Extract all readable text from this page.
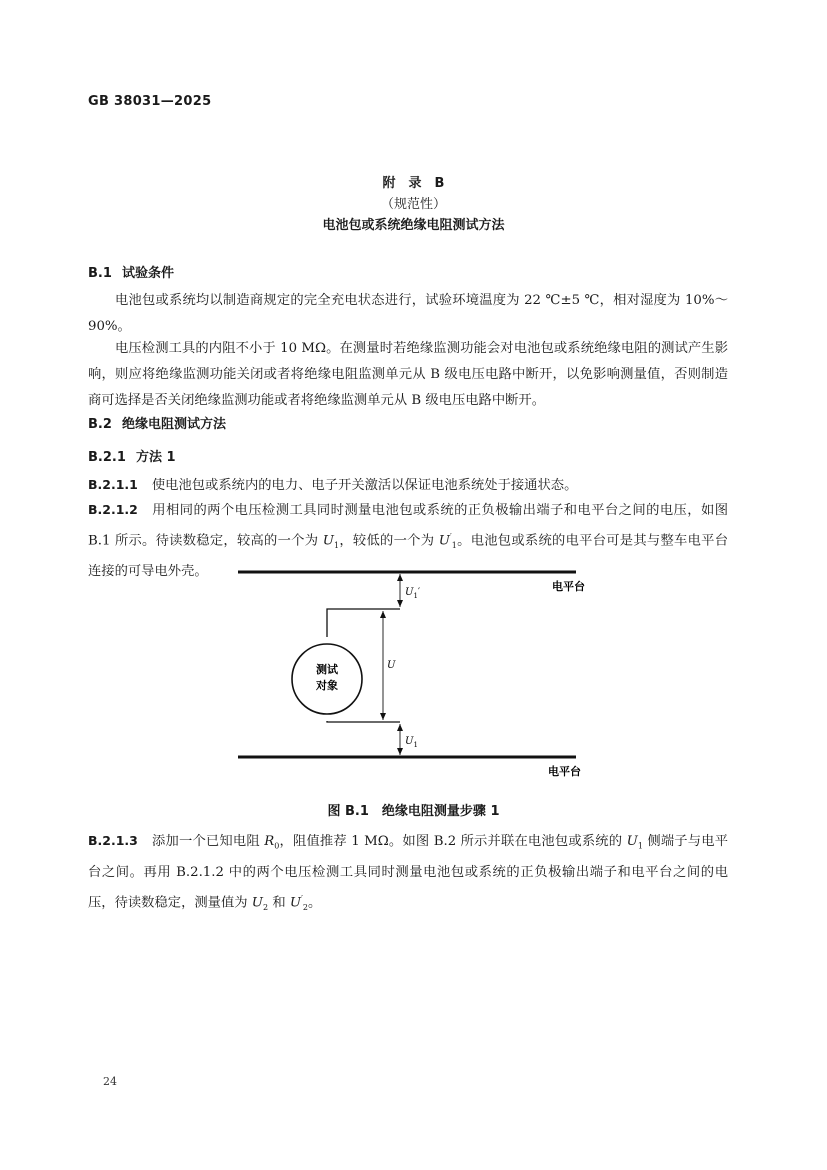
GB 38031—2025
附　录　B
（规范性）
电池包或系统绝缘电阻测试方法
B.1 试验条件
电池包或系统均以制造商规定的完全充电状态进行，试验环境温度为 22 ℃±5 ℃，相对湿度为 10%～90%。
电压检测工具的内阻不小于 10 MΩ。在测量时若绝缘监测功能会对电池包或系统绝缘电阻的测试产生影响，则应将绝缘监测功能关闭或者将绝缘电阻监测单元从 B 级电压电路中断开，以免影响测量值，否则制造商可选择是否关闭绝缘监测功能或者将绝缘监测单元从 B 级电压电路中断开。
B.2 绝缘电阻测试方法
B.2.1 方法 1
B.2.1.1 使电池包或系统内的电力、电子开关激活以保证电池系统处于接通状态。
B.2.1.2 用相同的两个电压检测工具同时测量电池包或系统的正负极输出端子和电平台之间的电压，如图 B.1 所示。待读数稳定，较高的一个为 $U_1$，较低的一个为 $U'_1$。电池包或系统的电平台可是其与整车电平台连接的可导电外壳。
电平台
电平台
测试
对象
$U_1'$
U
$U_1$
图 B.1　绝缘电阻测量步骤 1
B.2.1.3 添加一个已知电阻 $R_0$，阻值推荐 1 MΩ。如图 B.2 所示并联在电池包或系统的 $U_1$ 侧端子与电平台之间。再用 B.2.1.2 中的两个电压检测工具同时测量电池包或系统的正负极输出端子和电平台之间的电压，待读数稳定，测量值为 $U_2$ 和 $U'_2$。
24
